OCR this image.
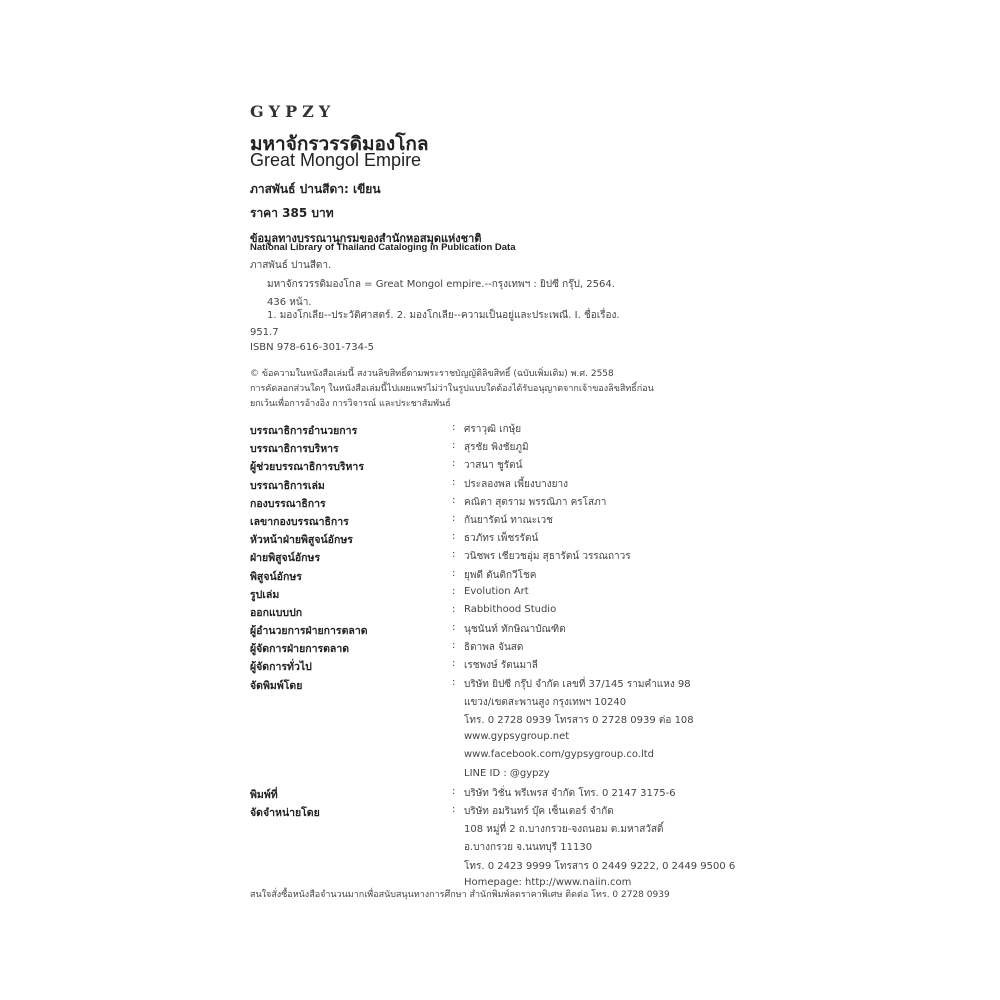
GYPZY
มหาจักรวรรดิมองโกล
Great Mongol Empire
ภาสพันธ์ ปานสีดา: เขียน
ราคา 385 บาท
ข้อมูลทางบรรณานุกรมของสำนักหอสมุดแห่งชาติ
National Library of Thailand Cataloging in Publication Data
ภาสพันธ์ ปานสีดา.
มหาจักรวรรดิมองโกล = Great Mongol empire.--กรุงเทพฯ : ยิปซี กรุ๊ป, 2564.
436 หน้า.
1. มองโกเลีย--ประวัติศาสตร์. 2. มองโกเลีย--ความเป็นอยู่และประเพณี. I. ชื่อเรื่อง.
951.7
ISBN 978-616-301-734-5
© ข้อความในหนังสือเล่มนี้ สงวนลิขสิทธิ์ตามพระราชบัญญัติลิขสิทธิ์ (ฉบับเพิ่มเติม) พ.ศ. 2558
การคัดลอกส่วนใดๆ ในหนังสือเล่มนี้ไปเผยแพร่ไม่ว่าในรูปแบบใดต้องได้รับอนุญาตจากเจ้าของลิขสิทธิ์ก่อน
ยกเว้นเพื่อการอ้างอิง การวิจารณ์ และประชาสัมพันธ์
บรรณาธิการอำนวยการ	: ศราวุฒิ เกษุ้ย
บรรณาธิการบริหาร	: สุรชัย พิงชัยภูมิ
ผู้ช่วยบรรณาธิการบริหาร	: วาสนา ชูรัตน์
บรรณาธิการเล่ม	: ประลองพล เพี้ยงบางยาง
กองบรรณาธิการ	: คณิตา สุตราม พรรณิภา ครโสภา
เลขากองบรรณาธิการ	: กันยารัตน์ ทาณะเวช
หัวหน้าฝ่ายพิสูจน์อักษร	: ธวภัทร เพ็ชรรัตน์
ฝ่ายพิสูจน์อักษร	: วนิชพร เชียวชอุ่ม สุธารัตน์ วรรณถาวร
พิสูจน์อักษร	: ยุพดี ตันติกวีโชค
รูปเล่ม	: Evolution Art
ออกแบบปก	: Rabbithood Studio
ผู้อำนวยการฝ่ายการตลาด	: นุชนันท์ ทักษิณาบัณฑิต
ผู้จัดการฝ่ายการตลาด	: ธิดาพล จันสด
ผู้จัดการทั่วไป	: เรชพงษ์ รัตนมาลี
จัดพิมพ์โดย	: บริษัท ยิปซี กรุ๊ป จำกัด เลขที่ 37/145 รามคำแหง 98
แขวง/เขตสะพานสูง กรุงเทพฯ 10240
โทร. 0 2728 0939 โทรสาร 0 2728 0939 ต่อ 108
www.gypsygroup.net
www.facebook.com/gypsygroup.co.ltd
LINE ID : @gypzy
พิมพ์ที่	: บริษัท วิชั่น พรีเพรส จำกัด โทร. 0 2147 3175-6
จัดจำหน่ายโดย	: บริษัท อมรินทร์ บุ๊ค เซ็นเตอร์ จำกัด
108 หมู่ที่ 2 ถ.บางกรวย-จงถนอม ต.มหาสวัสดิ์
อ.บางกรวย จ.นนทบุรี 11130
โทร. 0 2423 9999 โทรสาร 0 2449 9222, 0 2449 9500 6
Homepage: http://www.naiin.com
สนใจสั่งซื้อหนังสือจำนวนมากเพื่อสนับสนุนทางการศึกษา สำนักพิมพ์ลดราคาพิเศษ ติดต่อ โทร. 0 2728 0939
